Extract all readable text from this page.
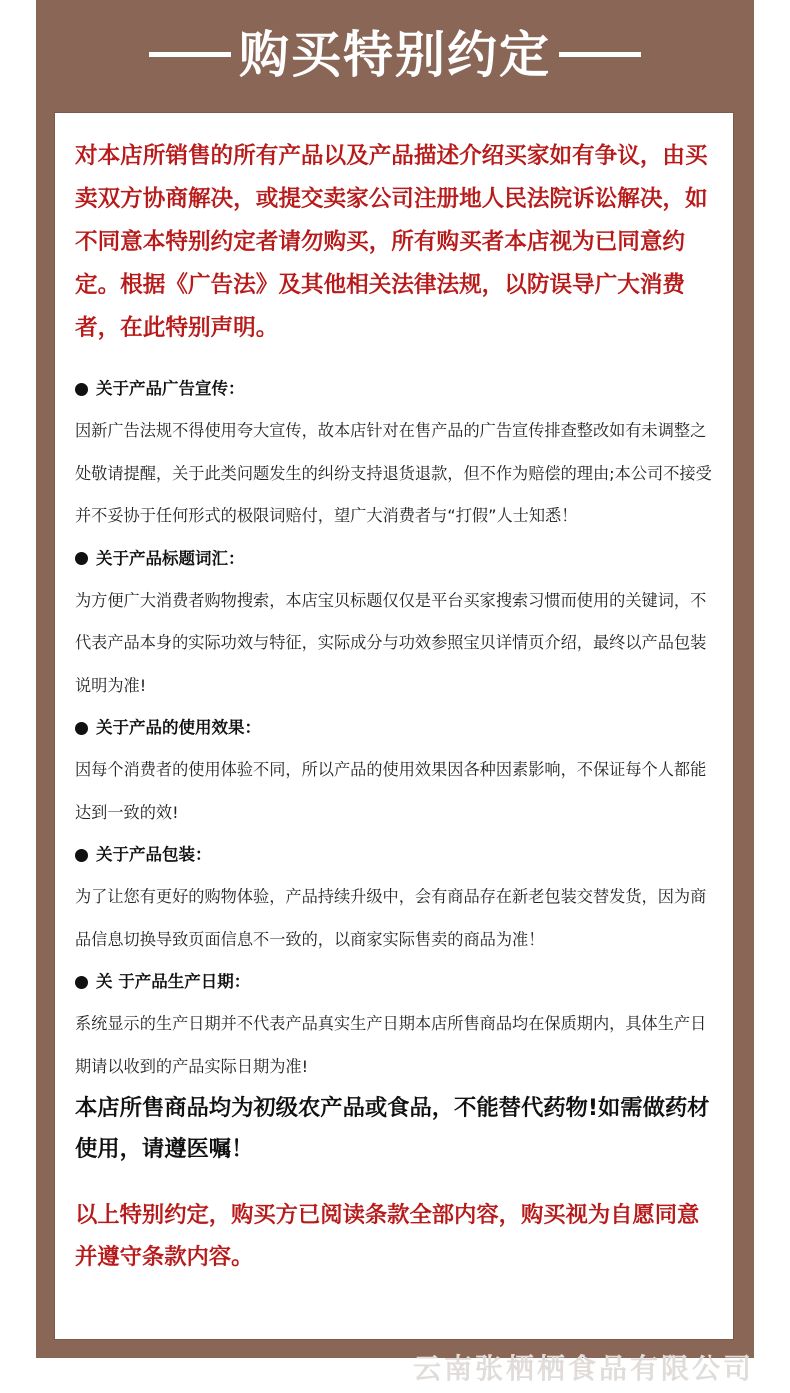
购买特别约定

对本店所销售的所有产品以及产品描述介绍买家如有争议，由买卖双方协商解决，或提交卖家公司注册地人民法院诉讼解决，如不同意本特别约定者请勿购买，所有购买者本店视为已同意约定。根据《广告法》及其他相关法律法规，以防误导广大消费者，在此特别声明。

关于产品广告宣传：

因新广告法规不得使用夸大宣传，故本店针对在售产品的广告宣传排查整改如有未调整之处敬请提醒，关于此类问题发生的纠纷支持退货退款，但不作为赔偿的理由;本公司不接受并不妥协于任何形式的极限词赔付，望广大消费者与“打假”人士知悉！

关于产品标题词汇：

为方便广大消费者购物搜索，本店宝贝标题仅仅是平台买家搜索习惯而使用的关键词，不代表产品本身的实际功效与特征，实际成分与功效参照宝贝详情页介绍，最终以产品包装说明为准!

关于产品的使用效果：

因每个消费者的使用体验不同，所以产品的使用效果因各种因素影响，不保证每个人都能达到一致的效!

关于产品包装：

为了让您有更好的购物体验，产品持续升级中，会有商品存在新老包装交替发货，因为商品信息切换导致页面信息不一致的，以商家实际售卖的商品为准！

关 于产品生产日期：

系统显示的生产日期并不代表产品真实生产日期本店所售商品均在保质期内，具体生产日期请以收到的产品实际日期为准!

本店所售商品均为初级农产品或食品，不能替代药物!如需做药材使用，请遵医嘱！

以上特别约定，购买方已阅读条款全部内容，购买视为自愿同意并遵守条款内容。

云南张栖栖食品有限公司
